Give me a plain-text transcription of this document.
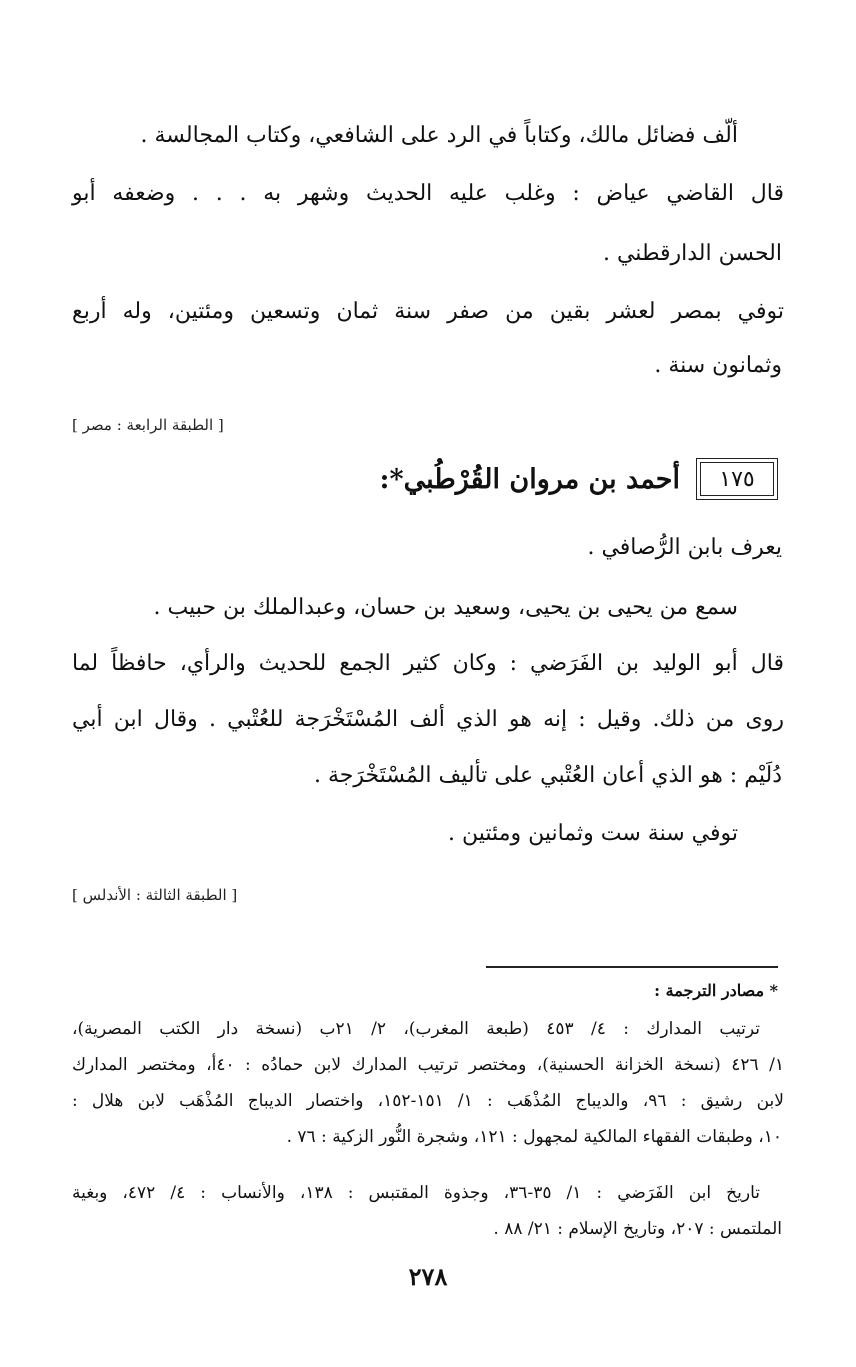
ألّف فضائل مالك، وكتاباً في الرد على الشافعي، وكتاب المجالسة .
قال القاضي عياض : وغلب عليه الحديث وشهر به . . . وضعفه أبو
الحسن الدارقطني .
توفي بمصر لعشر بقين من صفر سنة ثمان وتسعين ومئتين، وله أربع
وثمانون سنة .
[ الطبقة الرابعة : مصر ]
١٧٥
أحمد بن مروان القُرْطُبي*:
يعرف بابن الرُّصافي .
سمع من يحيى بن يحيى، وسعيد بن حسان، وعبدالملك بن حبيب .
قال أبو الوليد بن الفَرَضي : وكان كثير الجمع للحديث والرأي، حافظاً لما
روى من ذلك. وقيل : إنه هو الذي ألف المُسْتَخْرَجة للعُتْبي . وقال ابن أبي
دُلَيْم : هو الذي أعان العُتْبي على تأليف المُسْتَخْرَجة .
توفي سنة ست وثمانين ومئتين .
[ الطبقة الثالثة : الأندلس ]
* مصادر الترجمة :
ترتيب المدارك : ٤/ ٤٥٣ (طبعة المغرب)، ٢/ ٢١ب (نسخة دار الكتب المصرية)،
١/ ٤٢٦ (نسخة الخزانة الحسنية)، ومختصر ترتيب المدارك لابن حمادُه : ٤٠أ، ومختصر المدارك
لابن رشيق : ٩٦، والديباج المُذْهَب : ١/ ١٥١-١٥٢، واختصار الديباج المُذْهَب لابن هلال :
١٠، وطبقات الفقهاء المالكية لمجهول : ١٢١، وشجرة النُّور الزكية : ٧٦ .
تاريخ ابن الفَرَضي : ١/ ٣٥-٣٦، وجذوة المقتبس : ١٣٨، والأنساب : ٤/ ٤٧٢، وبغية
الملتمس : ٢٠٧، وتاريخ الإسلام : ٢١/ ٨٨ .
٢٧٨
